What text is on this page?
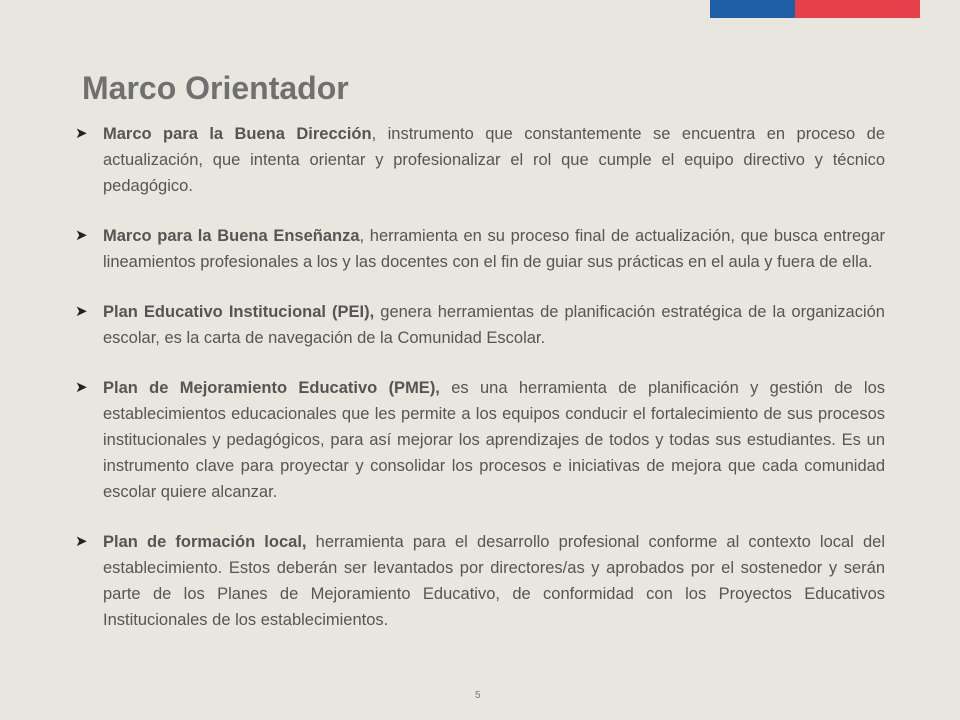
Marco Orientador
➤ Marco para la Buena Dirección, instrumento que constantemente se encuentra en proceso de actualización, que intenta orientar y profesionalizar el rol que cumple el equipo directivo y técnico pedagógico.
➤ Marco para la Buena Enseñanza, herramienta en su proceso final de actualización, que busca entregar lineamientos profesionales a los y las docentes con el fin de guiar sus prácticas en el aula y fuera de ella.
➤ Plan Educativo Institucional (PEI), genera herramientas de planificación estratégica de la organización escolar, es la carta de navegación de la Comunidad Escolar.
➤ Plan de Mejoramiento Educativo (PME), es una herramienta de planificación y gestión de los establecimientos educacionales que les permite a los equipos conducir el fortalecimiento de sus procesos institucionales y pedagógicos, para así mejorar los aprendizajes de todos y todas sus estudiantes. Es un instrumento clave para proyectar y consolidar los procesos e iniciativas de mejora que cada comunidad escolar quiere alcanzar.
➤ Plan de formación local, herramienta para el desarrollo profesional conforme al contexto local del establecimiento. Estos deberán ser levantados por directores/as y aprobados por el sostenedor y serán parte de los Planes de Mejoramiento Educativo, de conformidad con los Proyectos Educativos Institucionales de los establecimientos.
5
